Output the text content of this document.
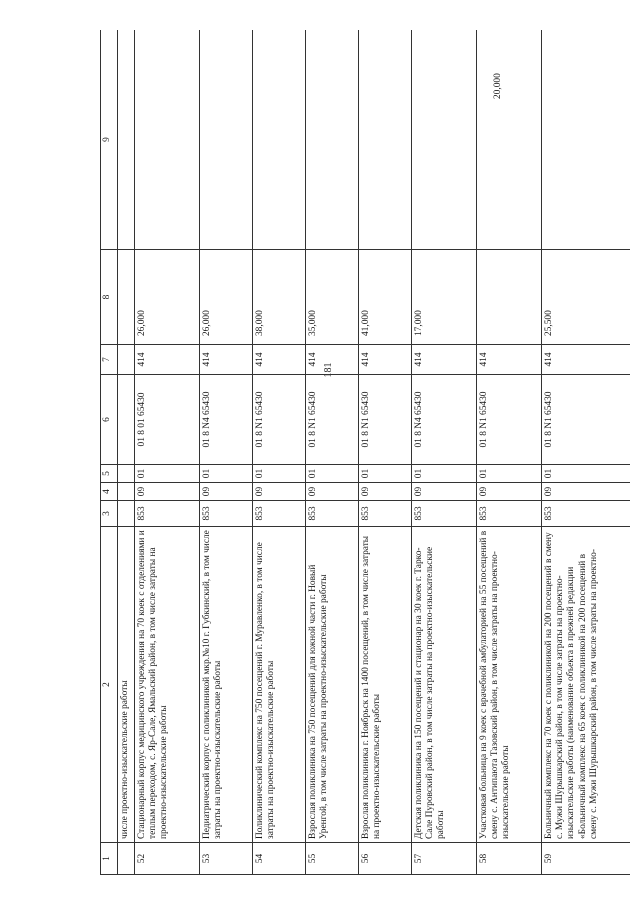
181
1	2	3	4	5	6	7	8	9
	числе проектно-изыскательские работы							
52	Стационарный корпус медицинского учреждения на 70 коек с отделениями и теплым переходом, с. Яр-Сале, Ямальский район, в том числе затраты на проектно-изыскательские работы	853	09	01	01 8 01 65430	414	26,000	
53	Педиатрический корпус с поликлиникой мкр.№10 г. Губкинский, в том числе затраты на проектно-изыскательские работы	853	09	01	01 8 N4 65430	414	26,000	
54	Поликлинический комплекс на 750 посещений г. Муравленко, в том числе затраты на проектно-изыскательские работы	853	09	01	01 8 N1 65430	414	38,000	
55	Взрослая поликлиника на 750 посещений для южной части г. Новый Уренгой, в том числе затраты на проектно-изыскательские работы	853	09	01	01 8 N1 65430	414	35,000	
56	Взрослая поликлиника г. Ноябрьск на 1400 посещений, в том числе затраты на проектно-изыскательские работы	853	09	01	01 8 N1 65430	414	41,000	
57	Детская поликлиника на 150 посещений и стационар на 30 коек г. Тарко-Сале Пуровский район, в том числе затраты на проектно-изыскательские работы	853	09	01	01 8 N4 65430	414	17,000	
58	Участковая больница на 9 коек с врачебной амбулаторией на 55 посещений в смену с. Антипаюта Тазовский район, в том числе затраты на проектно-изыскательские работы	853	09	01	01 8 N1 65430	414		20,000
59	Больничный комплекс на 70 коек с поликлиникой на 200 посещений в смену с. Мужи Шурышкарский район, в том числе затраты на проектно-изыскательские работы (наименование объекта в прежней редакции «Больничный комплекс на 65 коек с поликлиникой на 200 посещений в смену с. Мужи Шурышкарский район, в том числе затраты на проектно-	853	09	01	01 8 N1 65430	414	25,500	
